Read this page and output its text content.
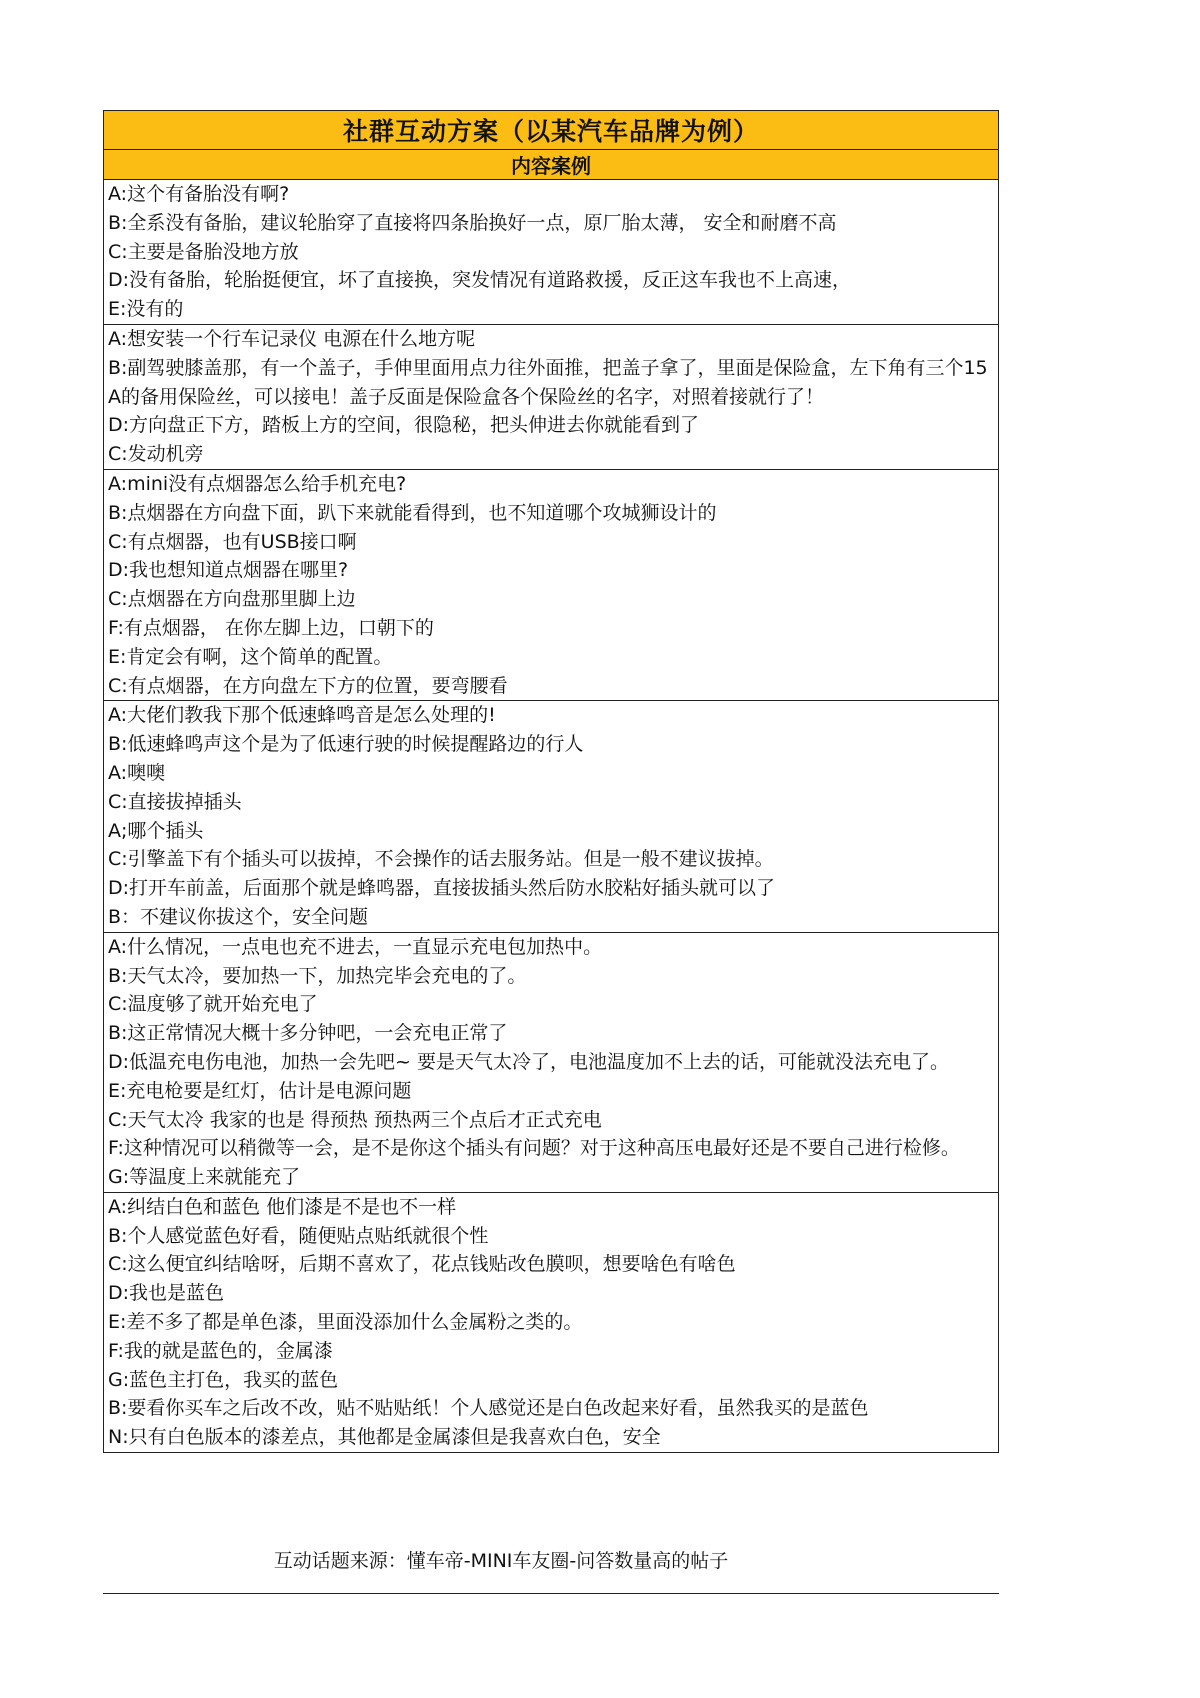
社群互动方案（以某汽车品牌为例）
内容案例
A:这个有备胎没有啊?
B:全系没有备胎，建议轮胎穿了直接将四条胎换好一点，原厂胎太薄， 安全和耐磨不高
C:主要是备胎没地方放
D:没有备胎，轮胎挺便宜，坏了直接换，突发情况有道路救援，反正这车我也不上高速，
E:没有的
A:想安装一个行车记录仪 电源在什么地方呢
B:副驾驶膝盖那，有一个盖子，手伸里面用点力往外面推，把盖子拿了，里面是保险盒，左下角有三个15A的备用保险丝，可以接电！盖子反面是保险盒各个保险丝的名字，对照着接就行了！
D:方向盘正下方，踏板上方的空间，很隐秘，把头伸进去你就能看到了
C:发动机旁
A:mini没有点烟器怎么给手机充电?
B:点烟器在方向盘下面，趴下来就能看得到，也不知道哪个攻城狮设计的
C:有点烟器，也有USB接口啊
D:我也想知道点烟器在哪里?
C:点烟器在方向盘那里脚上边
F:有点烟器， 在你左脚上边，口朝下的
E:肯定会有啊，这个简单的配置。
C:有点烟器，在方向盘左下方的位置，要弯腰看
A:大佬们教我下那个低速蜂鸣音是怎么处理的!
B:低速蜂鸣声这个是为了低速行驶的时候提醒路边的行人
A:噢噢
C:直接拔掉插头
A;哪个插头
C:引擎盖下有个插头可以拔掉，不会操作的话去服务站。但是一般不建议拔掉。
D:打开车前盖，后面那个就是蜂鸣器，直接拔插头然后防水胶粘好插头就可以了
B：不建议你拔这个，安全问题
A:什么情况，一点电也充不进去，一直显示充电包加热中。
B:天气太冷，要加热一下，加热完毕会充电的了。
C:温度够了就开始充电了
B:这正常情况大概十多分钟吧，一会充电正常了
D:低温充电伤电池，加热一会先吧~ 要是天气太冷了，电池温度加不上去的话，可能就没法充电了。
E:充电枪要是红灯，估计是电源问题
C:天气太冷 我家的也是 得预热 预热两三个点后才正式充电
F:这种情况可以稍微等一会，是不是你这个插头有问题？对于这种高压电最好还是不要自己进行检修。
G:等温度上来就能充了
A:纠结白色和蓝色 他们漆是不是也不一样
B:个人感觉蓝色好看，随便贴点贴纸就很个性
C:这么便宜纠结啥呀，后期不喜欢了，花点钱贴改色膜呗，想要啥色有啥色
D:我也是蓝色
E:差不多了都是单色漆，里面没添加什么金属粉之类的。
F:我的就是蓝色的，金属漆
G:蓝色主打色，我买的蓝色
B:要看你买车之后改不改，贴不贴贴纸！个人感觉还是白色改起来好看，虽然我买的是蓝色
N:只有白色版本的漆差点，其他都是金属漆但是我喜欢白色，安全
互动话题来源：懂车帝-MINI车友圈-问答数量高的帖子
